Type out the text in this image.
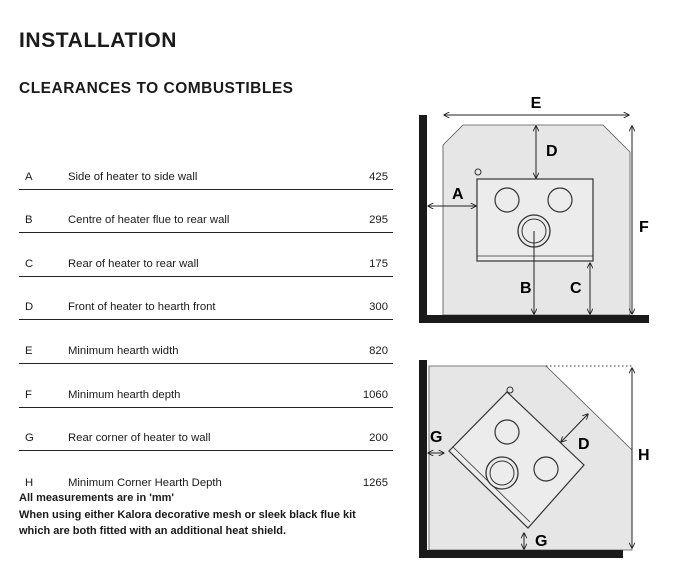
INSTALLATION
CLEARANCES TO COMBUSTIBLES
A	Side of heater to side wall	425
B	Centre of heater flue to rear wall	295
C	Rear of heater to rear wall	175
D	Front of heater to hearth front	300
E	Minimum hearth width	820
F	Minimum hearth depth	1060
G	Rear corner of heater to wall	200
H	Minimum Corner Hearth Depth	1265
All measurements are in 'mm'
When using either Kalora decorative mesh or sleek black flue kit
which are both fitted with an additional heat shield.
E
D
A
F
B C
G	D
H
G
